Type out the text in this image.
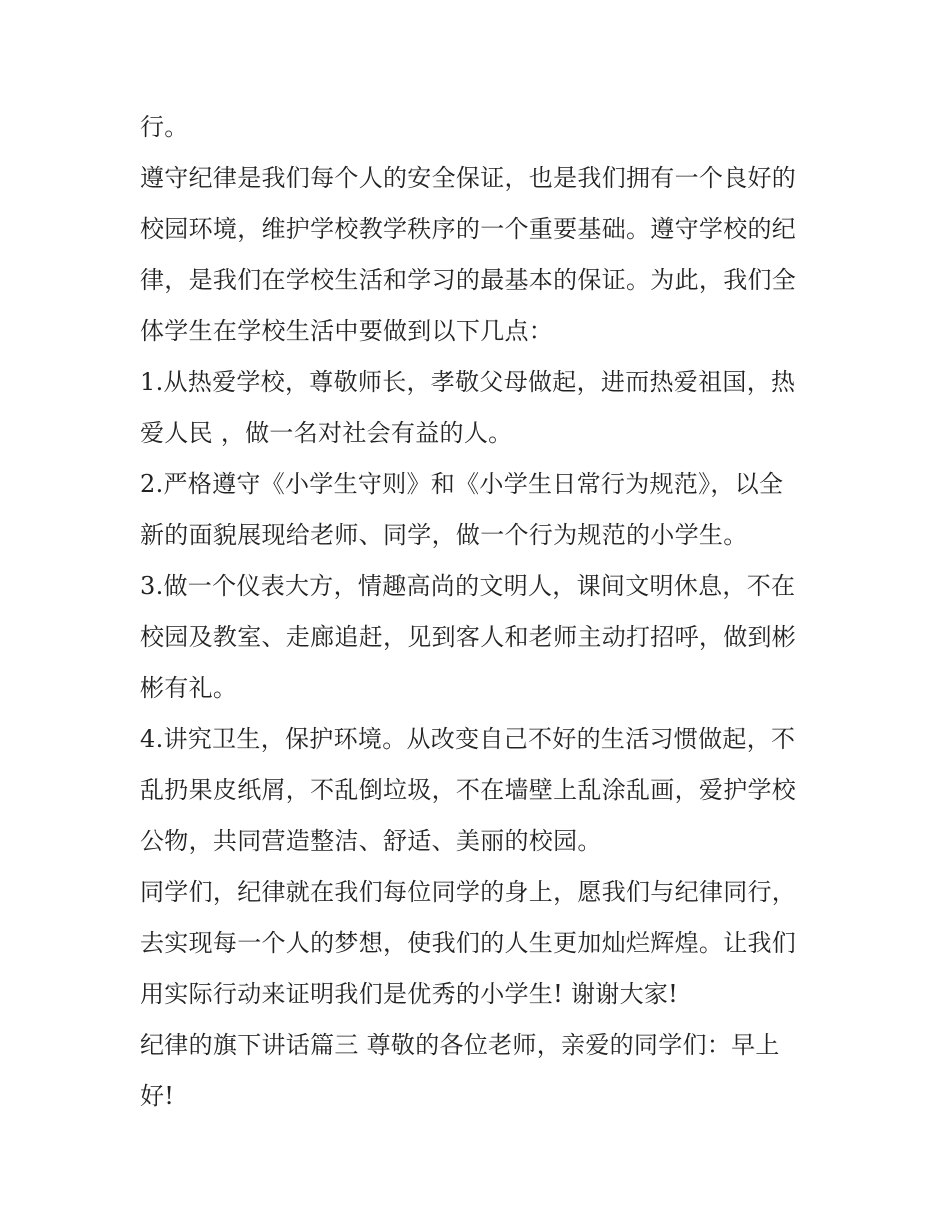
行。
遵守纪律是我们每个人的安全保证，也是我们拥有一个良好的
校园环境，维护学校教学秩序的一个重要基础。遵守学校的纪
律，是我们在学校生活和学习的最基本的保证。为此，我们全
体学生在学校生活中要做到以下几点：
1.从热爱学校，尊敬师长，孝敬父母做起，进而热爱祖国，热
爱人民 ，做一名对社会有益的人。
2.严格遵守《小学生守则》和《小学生日常行为规范》，以全
新的面貌展现给老师、同学，做一个行为规范的小学生。
3.做一个仪表大方，情趣高尚的文明人，课间文明休息，不在
校园及教室、走廊追赶，见到客人和老师主动打招呼，做到彬
彬有礼。
4.讲究卫生，保护环境。从改变自己不好的生活习惯做起，不
乱扔果皮纸屑，不乱倒垃圾，不在墙壁上乱涂乱画，爱护学校
公物，共同营造整洁、舒适、美丽的校园。
同学们，纪律就在我们每位同学的身上，愿我们与纪律同行，
去实现每一个人的梦想，使我们的人生更加灿烂辉煌。让我们
用实际行动来证明我们是优秀的小学生! 谢谢大家!
纪律的旗下讲话篇三 尊敬的各位老师，亲爱的同学们：早上
好!
